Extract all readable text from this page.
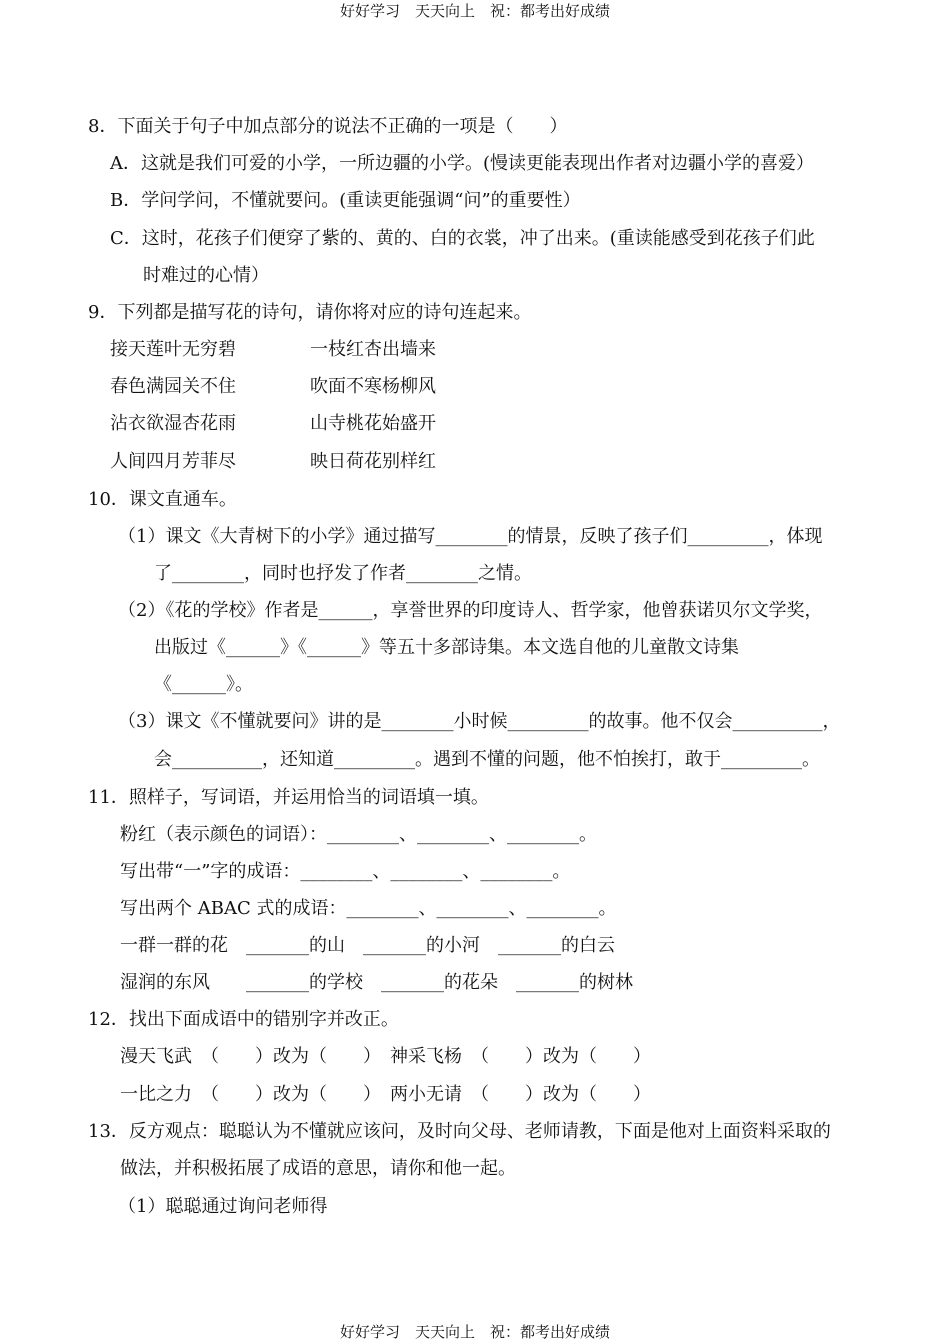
好好学习　天天向上　祝：都考出好成绩
8．下面关于句子中加点部分的说法不正确的一项是（　　）
A．这就是我们可爱的小学，一所边疆的小学。(慢读更能表现出作者对边疆小学的喜爱）
B．学问学问，不懂就要问。(重读更能强调“问”的重要性）
C．这时，花孩子们便穿了紫的、黄的、白的衣裳，冲了出来。(重读能感受到花孩子们此
时难过的心情）
9．下列都是描写花的诗句，请你将对应的诗句连起来。
接天莲叶无穷碧	一枝红杏出墙来
春色满园关不住	吹面不寒杨柳风
沾衣欲湿杏花雨	山寺桃花始盛开
人间四月芳菲尽	映日荷花别样红
10．课文直通车。
（1）课文《大青树下的小学》通过描写________的情景，反映了孩子们_________，体现
了________，同时也抒发了作者________之情。
（2）《花的学校》作者是______，享誉世界的印度诗人、哲学家，他曾获诺贝尔文学奖，
出版过《______》《______》等五十多部诗集。本文选自他的儿童散文诗集
《______》。
（3）课文《不懂就要问》讲的是________小时候_________的故事。他不仅会__________，
会__________，还知道_________。遇到不懂的问题，他不怕挨打，敢于_________。
11．照样子，写词语，并运用恰当的词语填一填。
粉红（表示颜色的词语）：________、________、________。
写出带“一”字的成语：________、________、________。
写出两个 ABAC 式的成语：________、________、________。
一群一群的花　_______的山　_______的小河　_______的白云
湿润的东风　　_______的学校　_______的花朵　_______的树林
12．找出下面成语中的错别字并改正。
漫天飞武　（　　）改为（　　）　神采飞杨　（　　）改为（　　）
一比之力　（　　）改为（　　）　两小无请　（　　）改为（　　）
13．反方观点：聪聪认为不懂就应该问，及时向父母、老师请教，下面是他对上面资料采取的
做法，并积极拓展了成语的意思，请你和他一起。
（1）聪聪通过询问老师得
好好学习　天天向上　祝：都考出好成绩
